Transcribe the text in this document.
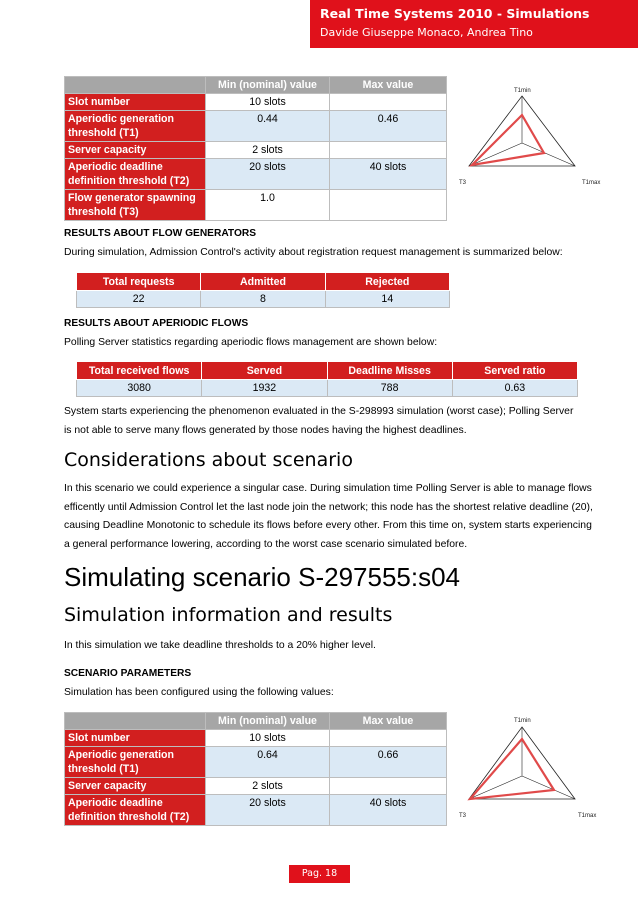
Real Time Systems 2010 - Simulations
Davide Giuseppe Monaco, Andrea Tino
	Min (nominal) value	Max value
Slot number	10 slots	
Aperiodic generation threshold (T1)	0.44	0.46
Server capacity	2 slots	
Aperiodic deadline definition threshold (T2)	20 slots	40 slots
Flow generator spawning threshold (T3)	1.0	
T1min
T1max
T3
RESULTS ABOUT FLOW GENERATORS
During simulation, Admission Control's activity about registration request management is summarized below:
Total requests	Admitted	Rejected
22	8	14
RESULTS ABOUT APERIODIC FLOWS
Polling Server statistics regarding aperiodic flows management are shown below:
Total received flows	Served	Deadline Misses	Served ratio
3080	1932	788	0.63
System starts experiencing the phenomenon evaluated in the S-298993 simulation (worst case); Polling Server is not able to serve many flows generated by those nodes having the highest deadlines.
Considerations about scenario
In this scenario we could experience a singular case. During simulation time Polling Server is able to manage flows efficently until Admission Control let the last node join the network; this node has the shortest relative deadline (20), causing Deadline Monotonic to schedule its flows before every other. From this time on, system starts experiencing a general performance lowering, according to the worst case scenario simulated before.
Simulating scenario S-297555:s04
Simulation information and results
In this simulation we take deadline thresholds to a 20% higher level.
SCENARIO PARAMETERS
Simulation has been configured using the following values:
	Min (nominal) value	Max value
Slot number	10 slots	
Aperiodic generation threshold (T1)	0.64	0.66
Server capacity	2 slots	
Aperiodic deadline definition threshold (T2)	20 slots	40 slots
T1min
T1max
T3
Pag. 18
